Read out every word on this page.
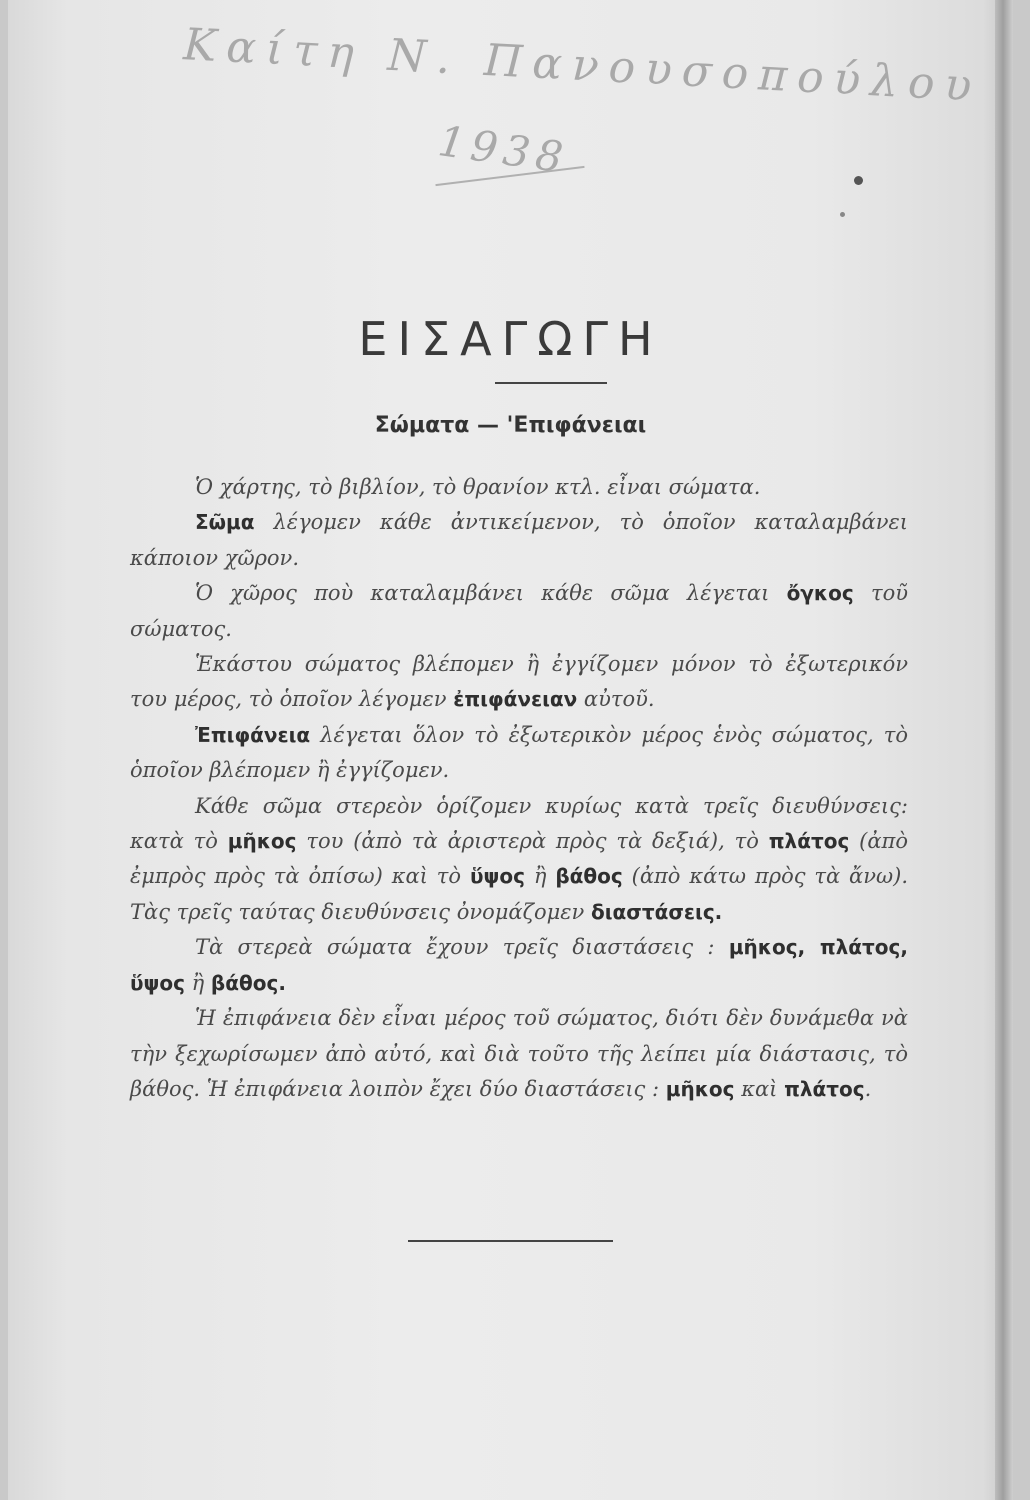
Καίτη Ν. Πανουσοπούλου
1938
ΕΙΣΑΓΩΓΗ
Σώματα — 'Επιφάνειαι

Ὁ χάρτης, τὸ βιβλίον, τὸ θρανίον κτλ. εἶναι σώματα.

Σῶμα λέγομεν κάθε ἀντικείμενον, τὸ ὁποῖον καταλαμβάνει κάποιον χῶρον.

Ὁ χῶρος ποὺ καταλαμβάνει κάθε σῶμα λέγεται ὄγκος τοῦ σώματος.

Ἑκάστου σώματος βλέπομεν ἢ ἐγγίζομεν μόνον τὸ ἐξωτερικόν του μέρος, τὸ ὁποῖον λέγομεν ἐπιφάνειαν αὐτοῦ.

Ἐπιφάνεια λέγεται ὅλον τὸ ἐξωτερικὸν μέρος ἑνὸς σώματος, τὸ ὁποῖον βλέπομεν ἢ ἐγγίζομεν.

Κάθε σῶμα στερεὸν ὁρίζομεν κυρίως κατὰ τρεῖς διευθύνσεις: κατὰ τὸ μῆκος του (ἀπὸ τὰ ἀριστερὰ πρὸς τὰ δεξιά), τὸ πλάτος (ἀπὸ ἐμπρὸς πρὸς τὰ ὀπίσω) καὶ τὸ ὕψος ἢ βάθος (ἀπὸ κάτω πρὸς τὰ ἄνω). Τὰς τρεῖς ταύτας διευθύνσεις ὀνομάζομεν διαστάσεις.

Τὰ στερεὰ σώματα ἔχουν τρεῖς διαστάσεις : μῆκος, πλάτος, ὕψος ἢ βάθος.

Ἡ ἐπιφάνεια δὲν εἶναι μέρος τοῦ σώματος, διότι δὲν δυνάμεθα νὰ τὴν ξεχωρίσωμεν ἀπὸ αὐτό, καὶ διὰ τοῦτο τῆς λείπει μία διάστασις, τὸ βάθος. Ἡ ἐπιφάνεια λοιπὸν ἔχει δύο διαστάσεις : μῆκος καὶ πλάτος.
